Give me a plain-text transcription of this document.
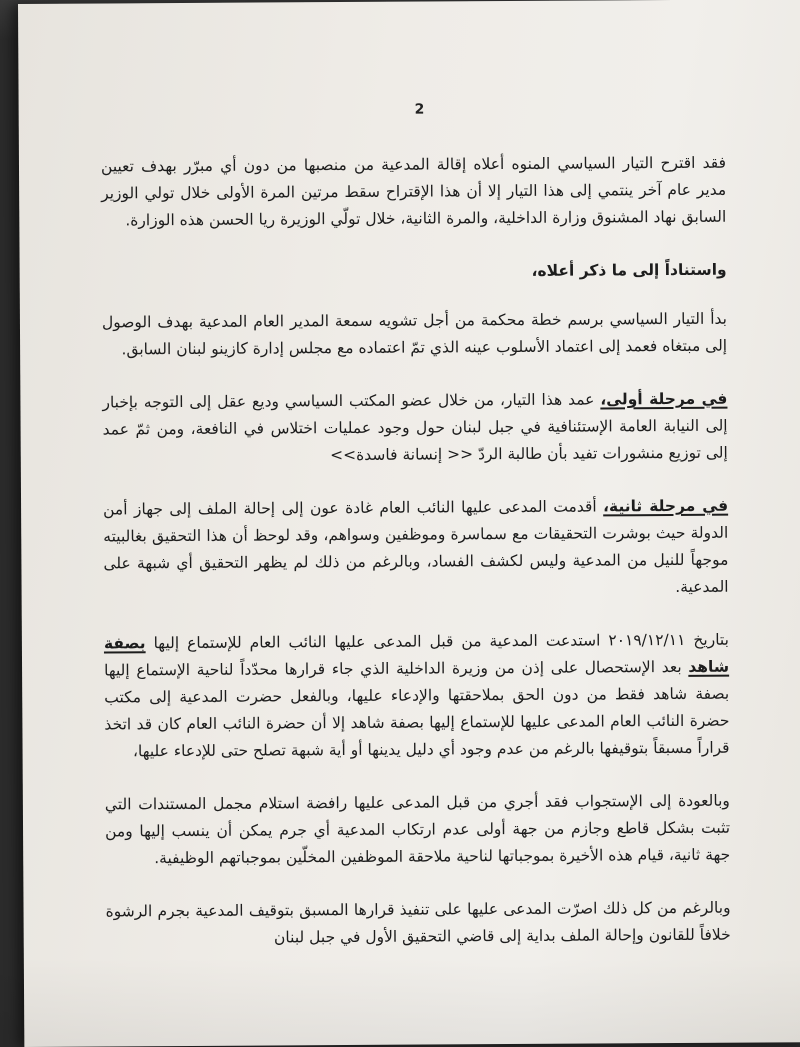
2

فقد اقترح التيار السياسي المنوه أعلاه إقالة المدعية من منصبها من دون أي مبرّر بهدف تعيين مدير عام آخر ينتمي إلى هذا التيار إلا أن هذا الإقتراح سقط مرتين المرة الأولى خلال تولي الوزير السابق نهاد المشنوق وزارة الداخلية، والمرة الثانية، خلال تولّي الوزيرة ريا الحسن هذه الوزارة.

واستناداً إلى ما ذكر أعلاه،

بدأ التيار السياسي برسم خطة محكمة من أجل تشويه سمعة المدير العام المدعية بهدف الوصول إلى مبتغاه فعمد إلى اعتماد الأسلوب عينه الذي تمّ اعتماده مع مجلس إدارة كازينو لبنان السابق.

في مرحلة أولى، عمد هذا التيار، من خلال عضو المكتب السياسي وديع عقل إلى التوجه بإخبار إلى النيابة العامة الإستئنافية في جبل لبنان حول وجود عمليات اختلاس في النافعة، ومن ثمّ عمد إلى توزيع منشورات تفيد بأن طالبة الردّ << إنسانة فاسدة>>

في مرحلة ثانية، أقدمت المدعى عليها النائب العام غادة عون إلى إحالة الملف إلى جهاز أمن الدولة حيث بوشرت التحقيقات مع سماسرة وموظفين وسواهم، وقد لوحظ أن هذا التحقيق بغالبيته موجهاً للنيل من المدعية وليس لكشف الفساد، وبالرغم من ذلك لم يظهر التحقيق أي شبهة على المدعية.

بتاريخ ٢٠١٩/١٢/١١ استدعت المدعية من قبل المدعى عليها النائب العام للإستماع إليها بصفة شاهد بعد الإستحصال على إذن من وزيرة الداخلية الذي جاء قرارها محدّداً لناحية الإستماع إليها بصفة شاهد فقط من دون الحق بملاحقتها والإدعاء عليها، وبالفعل حضرت المدعية إلى مكتب حضرة النائب العام المدعى عليها للإستماع إليها بصفة شاهد إلا أن حضرة النائب العام كان قد اتخذ قراراً مسبقاً بتوقيفها بالرغم من عدم وجود أي دليل يدينها أو أية شبهة تصلح حتى للإدعاء عليها،

وبالعودة إلى الإستجواب فقد أجري من قبل المدعى عليها رافضة استلام مجمل المستندات التي تثبت بشكل قاطع وجازم من جهة أولى عدم ارتكاب المدعية أي جرم يمكن أن ينسب إليها ومن جهة ثانية، قيام هذه الأخيرة بموجباتها لناحية ملاحقة الموظفين المخلّين بموجباتهم الوظيفية.

وبالرغم من كل ذلك اصرّت المدعى عليها على تنفيذ قرارها المسبق بتوقيف المدعية بجرم الرشوة خلافاً للقانون وإحالة الملف بداية إلى قاضي التحقيق الأول في جبل لبنان
